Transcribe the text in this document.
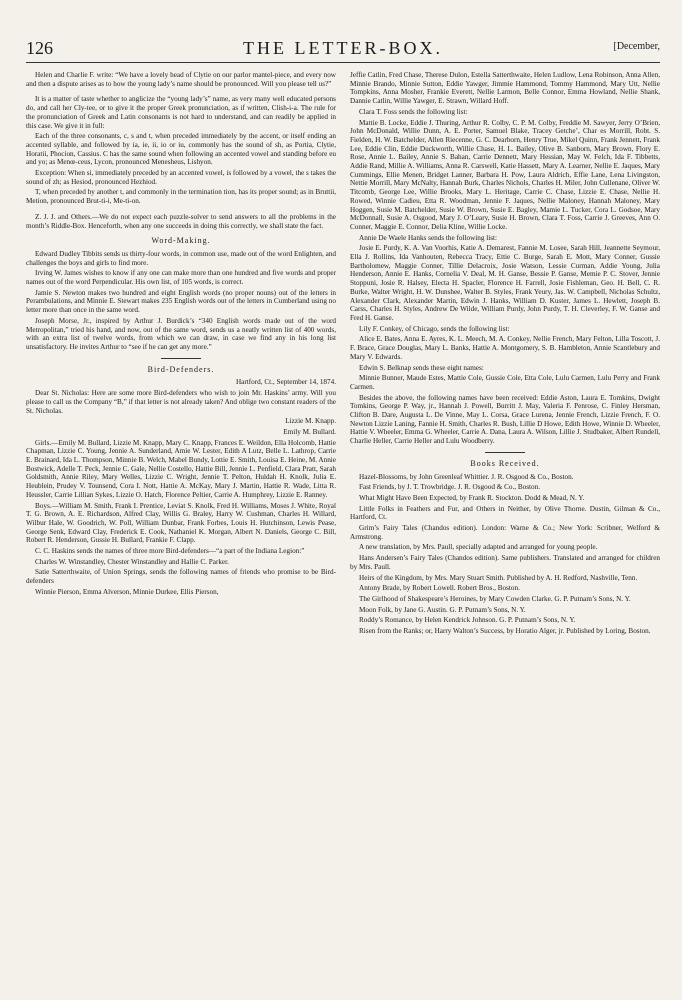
126	THE LETTER-BOX.	[December,

Helen and Charlie F. write: “We have a lovely head of Clytie on our parlor mantel-piece, and every now and then a dispute arises as to how the young lady’s name should be pronounced. Will you please tell us?”

It is a matter of taste whether to anglicize the “young lady’s” name, as very many well educated persons do, and call her Cly-tee, or to give it the proper Greek pronunciation, as if written, Clish-i-a. The rule for the pronunciation of Greek and Latin consonants is not hard to understand, and can readily be applied in this case. We give it in full:

Each of the three consonants, c, s and t, when preceded immediately by the accent, or itself ending an accented syllable, and followed by ia, ie, ii, io or iu, commonly has the sound of sh, as Portia, Clytie, Horatii, Phocion, Cassius. C has the same sound when following an accented vowel and standing before eu and yo; as Menœ-ceus, Lycon, pronounced Menesheus, Lishyon.

Exception: When si, immediately preceded by an accented vowel, is followed by a vowel, the s takes the sound of zh; as Hesiod, pronounced Hezhiod.

T, when preceded by another t, and commonly in the termination tion, has its proper sound; as in Bruttii, Metion, pronounced Brut-ti-i, Me-ti-on.

Z. J. J. and Others.—We do not expect each puzzle-solver to send answers to all the problems in the month’s Riddle-Box. Henceforth, when any one succeeds in doing this correctly, we shall state the fact.

Word-Making.

Edward Dudley Tibbits sends us thirty-four words, in common use, made out of the word Enlighten, and challenges the boys and girls to find more.

Irving W. James wishes to know if any one can make more than one hundred and five words and proper names out of the word Perpendicular. His own list, of 105 words, is correct.

Jamie S. Newton makes two hundred and eight English words (no proper nouns) out of the letters in Perambulations, and Minnie E. Stewart makes 235 English words out of the letters in Cumberland using no letter more than once in the same word.

Joseph Morse, Jr., inspired by Arthur J. Burdick’s “340 English words made out of the word Metropolitan,” tried his hand, and now, out of the same word, sends us a neatly written list of 400 words, with an extra list of twelve words, from which we can draw, in case we find any in his long list unsatisfactory. He invites Arthur to “see if he can get any more.”

Bird-Defenders.

Hartford, Ct., September 14, 1874.

Dear St. Nicholas: Here are some more Bird-defenders who wish to join Mr. Haskins’ army. Will you please to call us the Company “B,” if that letter is not already taken? And oblige two constant readers of the St. Nicholas.

Lizzie M. Knapp.

Emily M. Bullard.

Girls.—Emily M. Bullard, Lizzie M. Knapp, Mary C. Knapp, Frances E. Weildon, Ella Holcomb, Hattie Chapman, Lizzie C. Young, Jennie A. Sunderland, Amie W. Lester, Edith A Lutz, Belle L. Lathrop, Carrie E. Brainard, Ida L. Thompson, Minnie B. Welch, Mabel Bundy, Lottie E. Smith, Louisa E. Heine, M. Annie Bostwick, Adelle T. Peck, Jennie C. Gale, Nellie Costello, Hattie Bill, Jennie L. Penfield, Clara Pratt, Sarah Goldsmith, Annie Riley, Mary Welles, Lizzie C. Wright, Jennie T. Pelton, Huldah H. Knolk, Julia E. Heublein, Prudey V. Tounsend, Cora I. Nott, Hattie A. McKay, Mary J. Martin, Hattie R. Wade, Litta R. Heussler, Carrie Lillian Sykes, Lizzie O. Hatch, Florence Peltier, Carrie A. Humphrey, Lizzie E. Ranney.

Boys.—William M. Smith, Frank I. Prentice, Leviat S. Knolk, Fred H. Williams, Moses J. White, Royal T. G. Brown, A. E. Richardson, Alfred Clay, Willis G. Braley, Harry W. Cushman, Charles H. Willard, Wilbur Hale, W. Goodrich, W. Poll, William Dunbar, Frank Forbes, Louis H. Hutchinson, Lewis Pease, George Senk, Edward Clay, Frederick E. Cook, Nathaniel K. Morgan, Albert N. Daniels, George C. Bill, Robert R. Henderson, Gussie H. Bullard, Frankie F. Clapp.

C. C. Haskins sends the names of three more Bird-defenders—“a part of the Indiana Legion:”

Charles W. Winstandley, Chester Winstandley and Hallie C. Parker.

Satie Satterthwaite, of Union Springs, sends the following names of friends who promise to be Bird-defenders

Winnie Pierson, Emma Alverson, Minnie Durkee, Ellis Pierson,

Jeffie Catlin, Fred Chase, Therese Dulon, Estella Satterthwaite, Helen Ludlow, Lena Robinson, Anna Allen, Minnie Brando, Minnie Sutton, Eddie Yawger, Jimmie Hammond, Tommy Hammond, Mary Utt, Nellie Tompkins, Anna Mosher, Frankie Everett, Nellie Larmon, Belle Connor, Emma Howland, Nellie Shank, Dannie Catlin, Willie Yawger, E. Strawn, Willard Hoff.

Clara T. Foss sends the following list:

Mattie B. Locke, Eddie J. Thuring, Arthur R. Colby, C. P. M. Colby, Freddie M. Sawyer, Jerry O’Brien, John McDonald, Willie Dunn, A. E. Porter, Samuel Blake, Tracey Getche’, Char es Morrill, Robt. S. Fielden, H. W. Batchelder, Allen Riecenne, G. C. Dearborn, Henry True, Mikel Quinn, Frank Jennett, Frank Lee, Eddie Clin, Eddie Duckworth, Willie Chase, H. L. Bailey, Olive B. Sanborn, Mary Brown, Flory E. Rose, Annie L. Bailey, Annie S. Bahan, Carrie Dennett, Mary Hessian, May W. Felch, Ida F. Tibbetts, Addie Rand, Millie A. Williams, Anna R. Carswell, Katie Hassett, Mary A. Learner, Nellie E. Jaques, Mary Cummings, Ellie Menen, Bridget Lanner, Barbara H. Pow, Laura Aldrich, Effie Lane, Lena Livingston, Nettie Morrill, Mary McNalty, Hannah Burk, Charles Nichols, Charles H. Miler, John Cullenane, Oliver W. Titcomb, George Lee, Willie Brooks, Mary L. Heritage, Carrie C. Chase, Lizzie E. Chase, Nellie H. Rowed, Winnie Cadieu, Etta R. Woodman, Jennie F. Jaques, Nellie Maloney, Hannah Maloney, Mary Hoggen, Susie M. Batchelder, Susie W. Brown, Susie E. Bagley, Mamie L. Tucker, Cora L. Godsoe, Mary McDonnall, Susie A. Osgood, Mary J. O’Leary, Susie H. Brown, Clara T. Foss, Carrie J. Greeves, Ann O. Conner, Maggie E. Connor, Delia Kline, Willie Locke.

Annie De Waele Hanks sends the following list:

Josie E. Purdy, K. A. Van Voorhis, Katie A. Demarest, Fannie M. Losee, Sarah Hill, Jeannette Seymour, Ella J. Rollins, Ida Vanhouten, Rebecca Tracy, Ettie C. Burge, Sarah E. Mott, Mary Conner, Gussie Bartholomew, Maggie Conner, Tillie Delacroix, Josie Watson, Lessie Curman, Addie Young, Julia Henderson, Annie E. Hanks, Cornelia V. Deal, M. H. Ganse, Bessie P. Ganse, Memie P. C. Stover, Jennie Stoppuni, Josie R. Halsey, Electa H. Spacler, Florence H. Farrell, Josie Fishleman, Geo. H. Bell, C. R. Burke, Walter Wright, H. W. Dunshee, Walter B. Styles, Frank Yeury, Jas. W. Campbell, Nicholas Schultz, Alexander Clark, Alexander Martin, Edwin J. Hanks, William D. Kuster, James L. Hewlett, Joseph B. Carss, Charles H. Styles, Andrew De Wilde, William Purdy, John Purdy, T. H. Cleverley, F. W. Ganse and Fred H. Ganse.

Lily F. Conkey, of Chicago, sends the following list:

Alice E. Bates, Anna E. Ayres, K. L. Meech, M. A. Conkey, Nellie French, Mary Felton, Lilla Toscott, J. F. Brace, Grace Douglas, Mary L. Banks, Hattie A. Montgomery, S. B. Hambleton, Annie Scantlebury and Mary V. Edwards.

Edwin S. Belknap sends these eight names:

Minnie Bunner, Maude Estes, Mattie Cole, Gussie Cole, Etta Cole, Lulu Carmen, Lulu Perry and Frank Carmen.

Besides the above, the following names have been received: Eddie Aston, Laura E. Tomkins, Dwight Tomkins, George P. Way, jr., Hannah J. Powell, Burritt J. May, Valeria F. Penrose, C. Finley Hersman, Clifton B. Dare, Augusta L. De Vinne, May L. Corsa, Grace Lurena, Jennie French, Lizzie French, F. O. Newton Lizzie Laning, Fannie H. Smith, Charles R. Bush, Lillie D Howe, Edith Howe, Winnie D. Wheeler, Hattie V. Wheeler, Emma G. Wheeler, Carrie A. Dana, Laura A. Wilson, Lillie J. Studbaker, Albert Rundell, Charlie Heller, Carrie Heller and Lulu Woodberry.

Books Received.

Hazel-Blossoms, by John Greenleaf Whittier. J. R. Osgood & Co., Boston.

Fast Friends, by J. T. Trowbridge. J. R. Osgood & Co., Boston.

What Might Have Been Expected, by Frank R. Stockton. Dodd & Mead, N. Y.

Little Folks in Feathers and Fur, and Others in Neither, by Olive Thorne. Dustin, Gilman & Co., Hartford, Ct.

Grim’s Fairy Tales (Chandos edition). London: Warne & Co.; New York: Scribner, Welford & Armstrong.

A new translation, by Mrs. Paull, specially adapted and arranged for young people.

Hans Andersen’s Fairy Tales (Chandos edition). Same publishers. Translated and arranged for children by Mrs. Paull.

Heirs of the Kingdom, by Mrs. Mary Stuart Smith. Published by A. H. Redford, Nashville, Tenn.

Antony Brade, by Robert Lowell. Robert Bros., Boston.

The Girlhood of Shakespeare’s Heroines, by Mary Cowden Clarke. G. P. Putnam’s Sons, N. Y.

Moon Folk, by Jane G. Austin. G. P. Putnam’s Sons, N. Y.

Roddy’s Romance, by Helen Kendrick Johnson. G. P. Putnam’s Sons, N. Y.

Risen from the Ranks; or, Harry Walton’s Success, by Horatio Alger, jr. Published by Loring, Boston.
